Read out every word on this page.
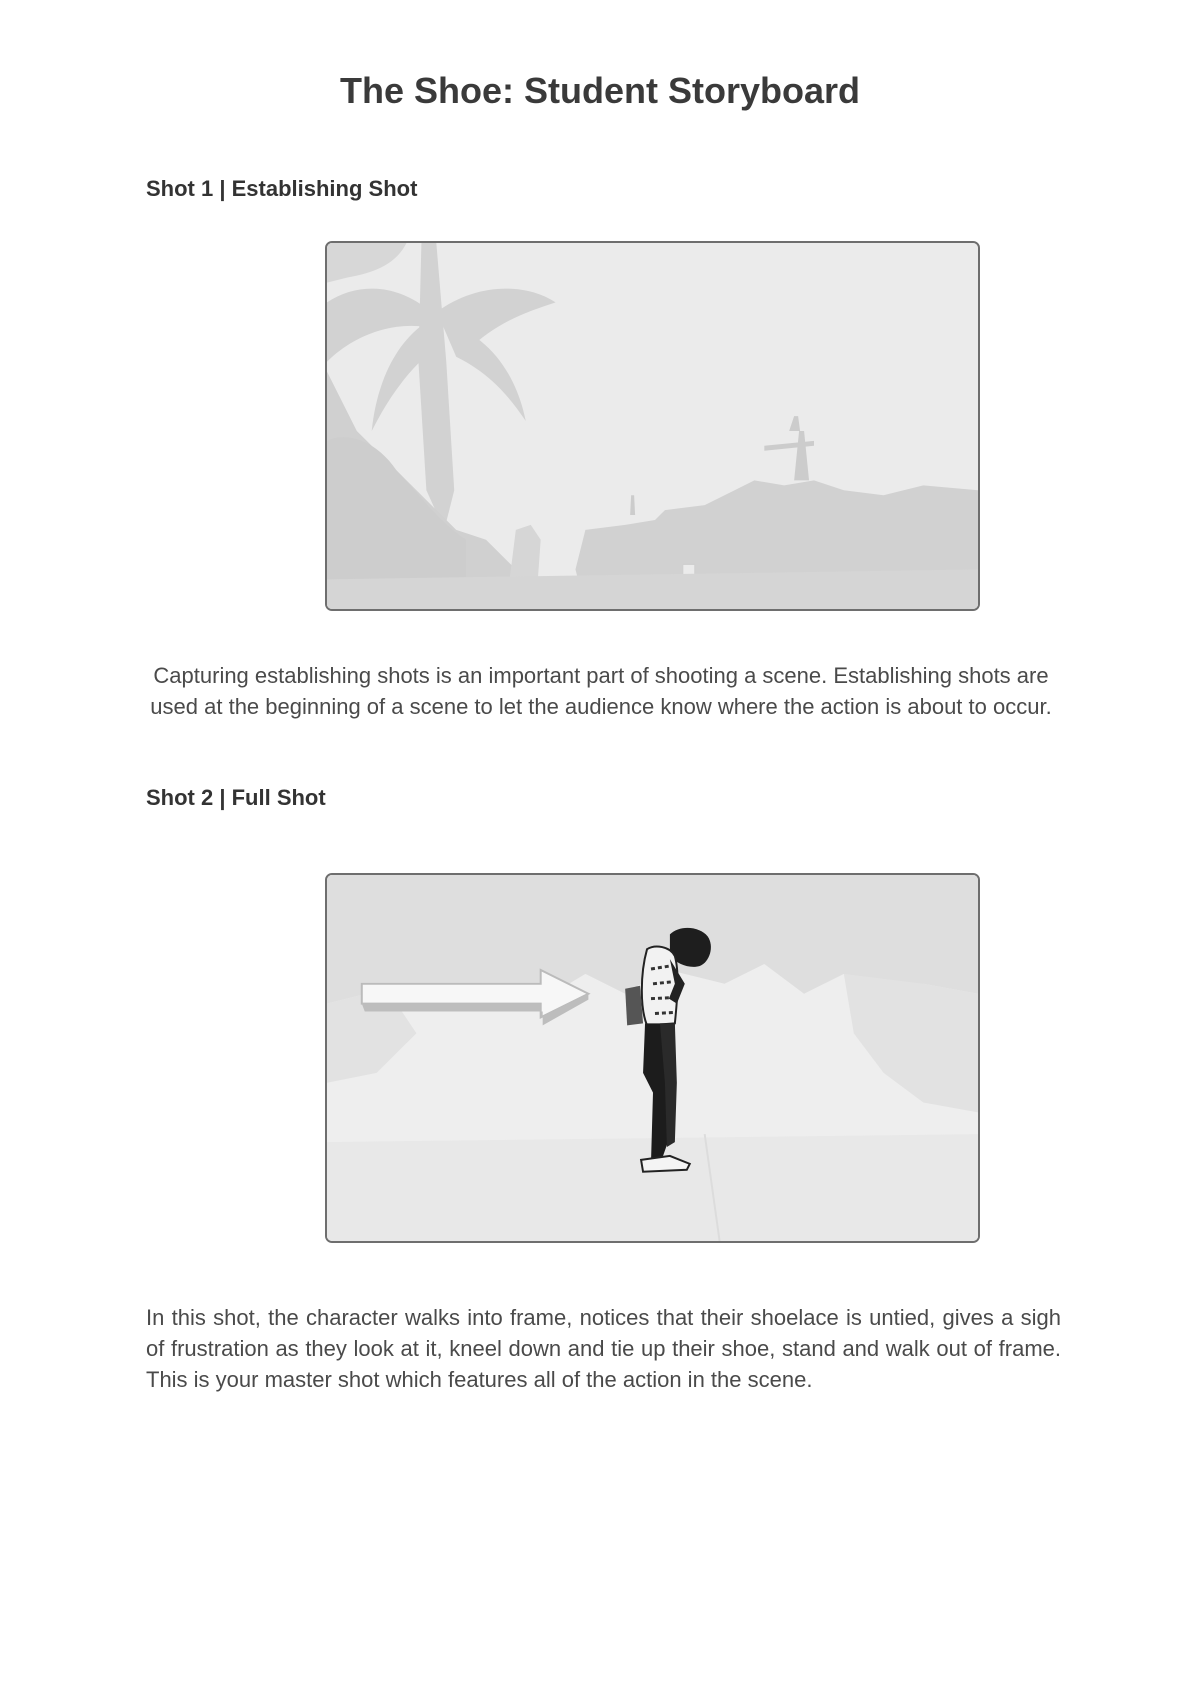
The Shoe: Student Storyboard
Shot 1 | Establishing Shot

Capturing establishing shots is an important part of shooting a scene. Establishing shots are used at the beginning of a scene to let the audience know where the action is about to occur.

Shot 2 | Full Shot

In this shot, the character walks into frame, notices that their shoelace is untied, gives a sigh of frustration as they look at it, kneel down and tie up their shoe, stand and walk out of frame. This is your master shot which features all of the action in the scene.
